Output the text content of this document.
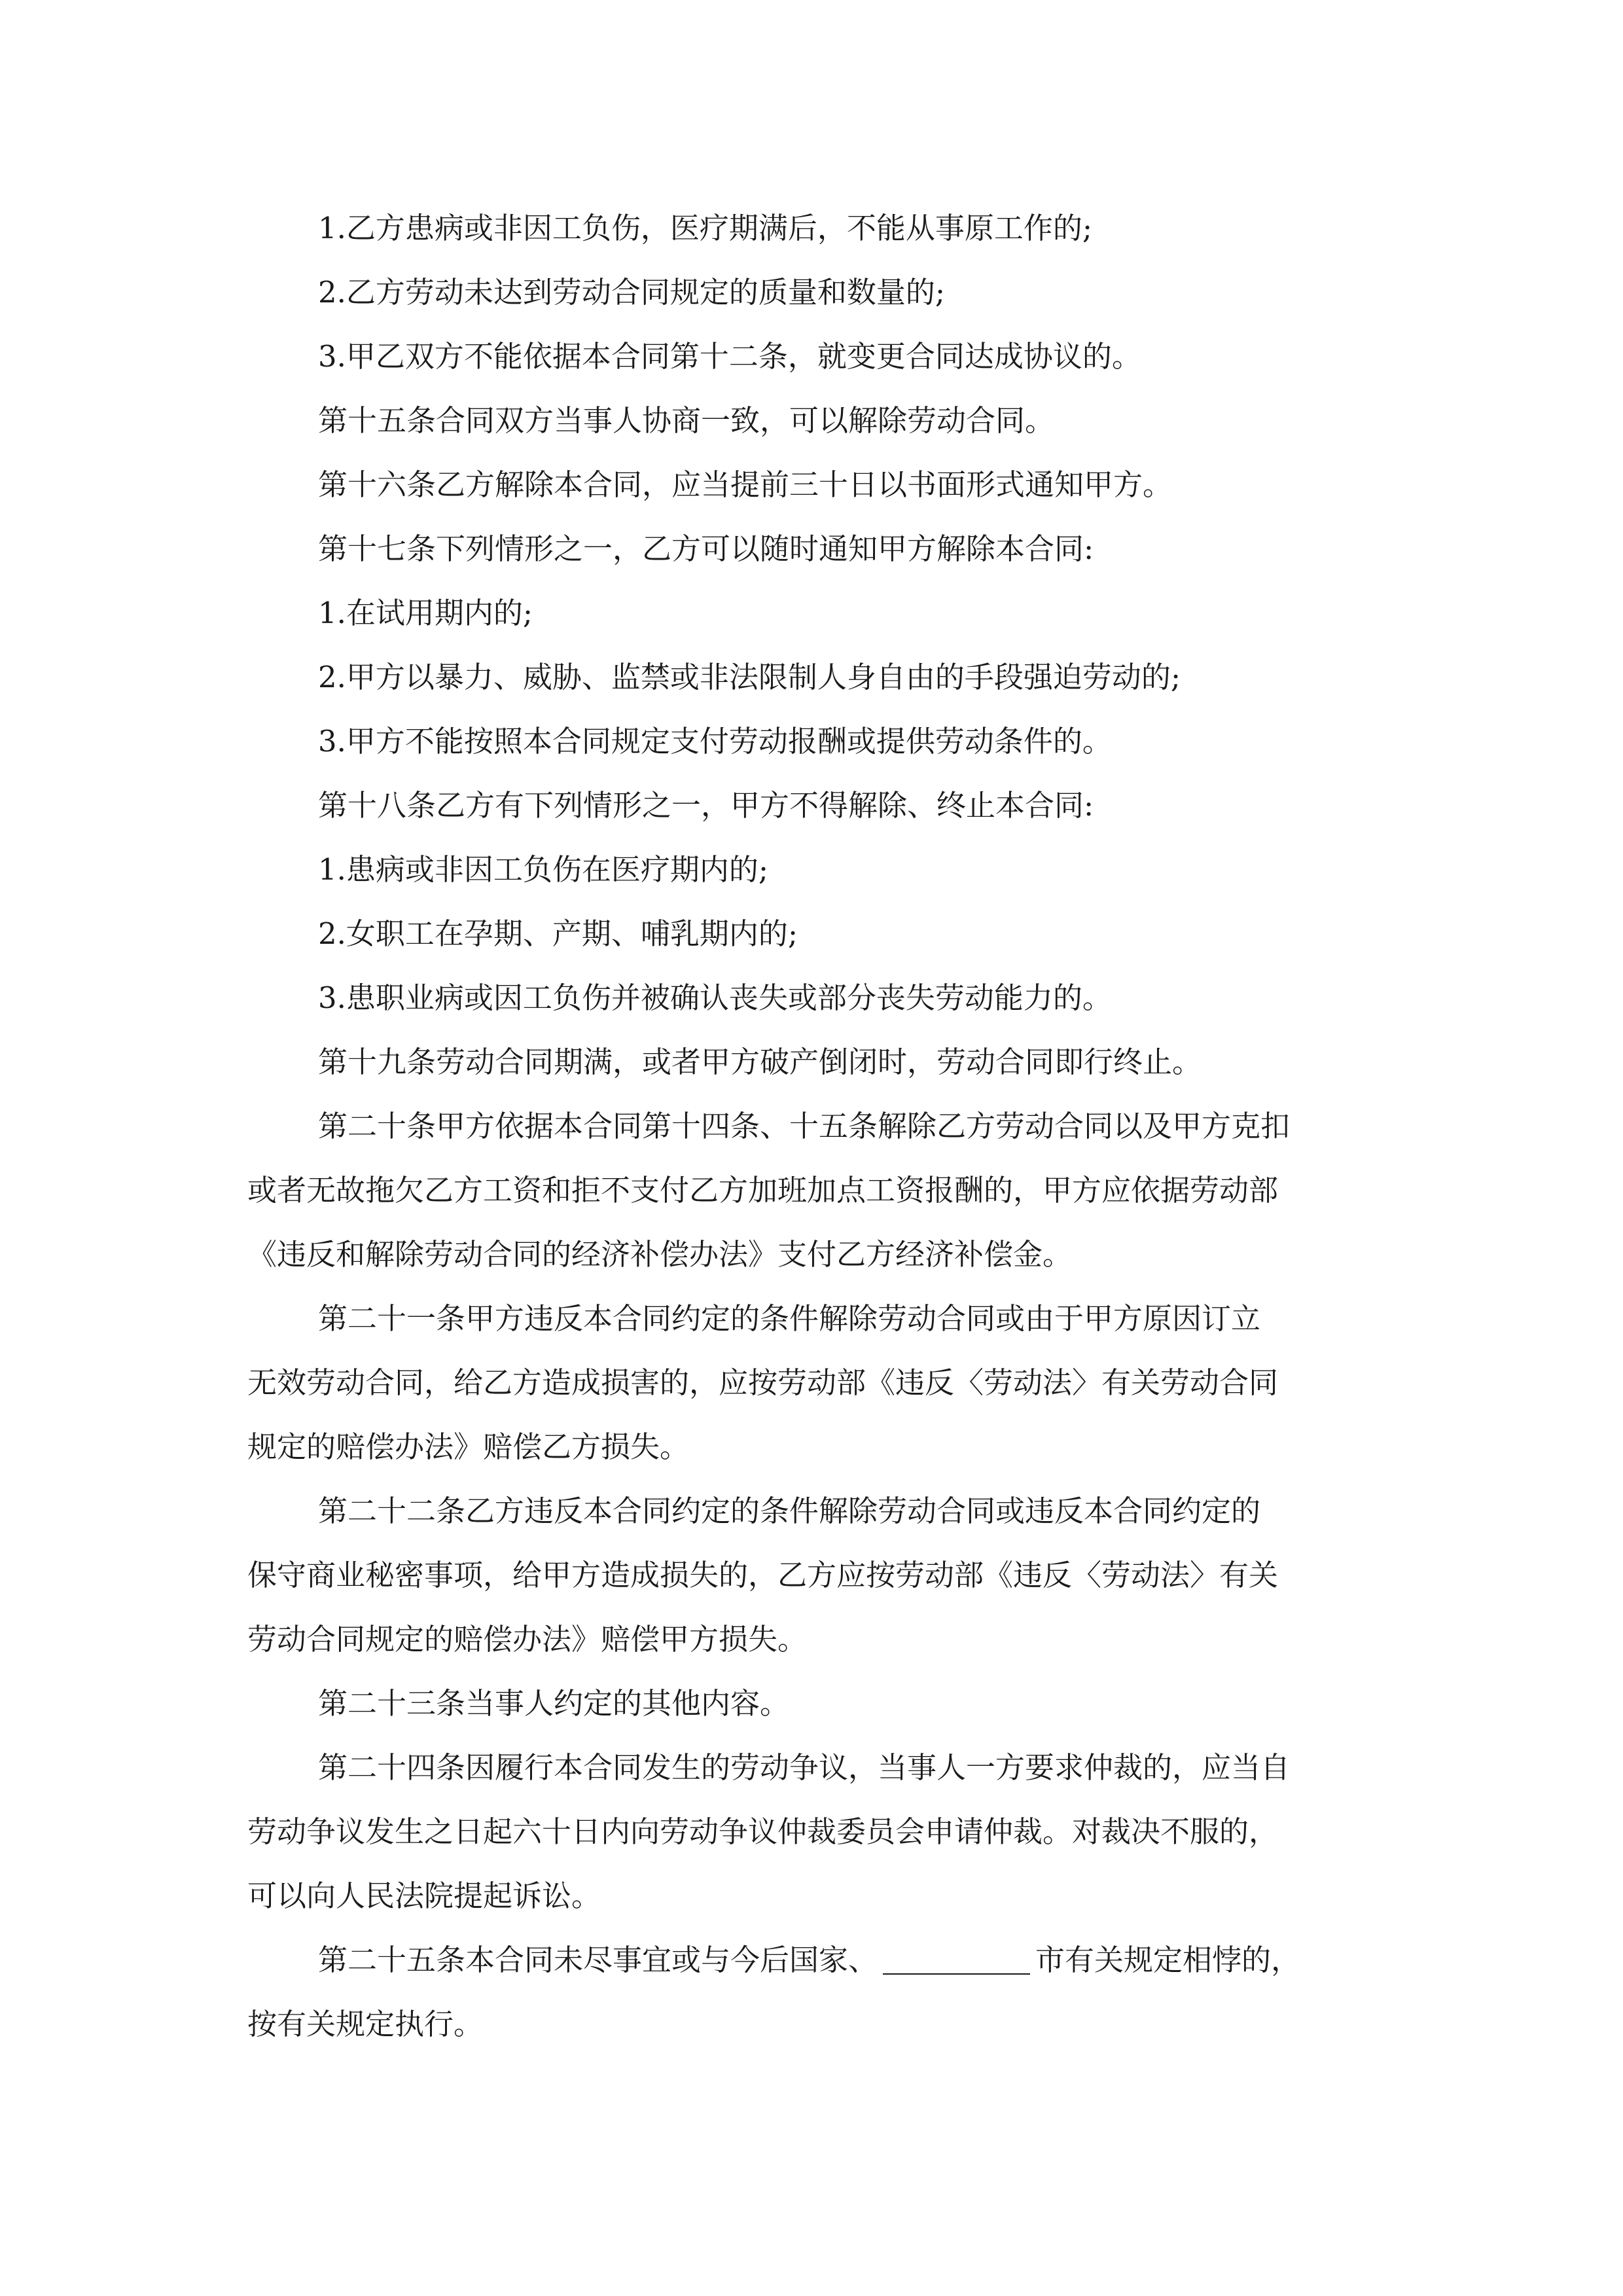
1.乙方患病或非因工负伤，医疗期满后，不能从事原工作的;

2.乙方劳动未达到劳动合同规定的质量和数量的;

3.甲乙双方不能依据本合同第十二条，就变更合同达成协议的。

第十五条合同双方当事人协商一致，可以解除劳动合同。

第十六条乙方解除本合同，应当提前三十日以书面形式通知甲方。

第十七条下列情形之一，乙方可以随时通知甲方解除本合同:

1.在试用期内的;

2.甲方以暴力、威胁、监禁或非法限制人身自由的手段强迫劳动的;

3.甲方不能按照本合同规定支付劳动报酬或提供劳动条件的。

第十八条乙方有下列情形之一，甲方不得解除、终止本合同:

1.患病或非因工负伤在医疗期内的;

2.女职工在孕期、产期、哺乳期内的;

3.患职业病或因工负伤并被确认丧失或部分丧失劳动能力的。

第十九条劳动合同期满，或者甲方破产倒闭时，劳动合同即行终止。

第二十条甲方依据本合同第十四条、十五条解除乙方劳动合同以及甲方克扣
或者无故拖欠乙方工资和拒不支付乙方加班加点工资报酬的，甲方应依据劳动部
《违反和解除劳动合同的经济补偿办法》支付乙方经济补偿金。

第二十一条甲方违反本合同约定的条件解除劳动合同或由于甲方原因订立
无效劳动合同，给乙方造成损害的，应按劳动部《违反〈劳动法〉有关劳动合同
规定的赔偿办法》赔偿乙方损失。

第二十二条乙方违反本合同约定的条件解除劳动合同或违反本合同约定的
保守商业秘密事项，给甲方造成损失的，乙方应按劳动部《违反〈劳动法〉有关
劳动合同规定的赔偿办法》赔偿甲方损失。

第二十三条当事人约定的其他内容。

第二十四条因履行本合同发生的劳动争议，当事人一方要求仲裁的，应当自
劳动争议发生之日起六十日内向劳动争议仲裁委员会申请仲裁。对裁决不服的，
可以向人民法院提起诉讼。

第二十五条本合同未尽事宜或与今后国家、	市有关规定相悖的，
按有关规定执行。
